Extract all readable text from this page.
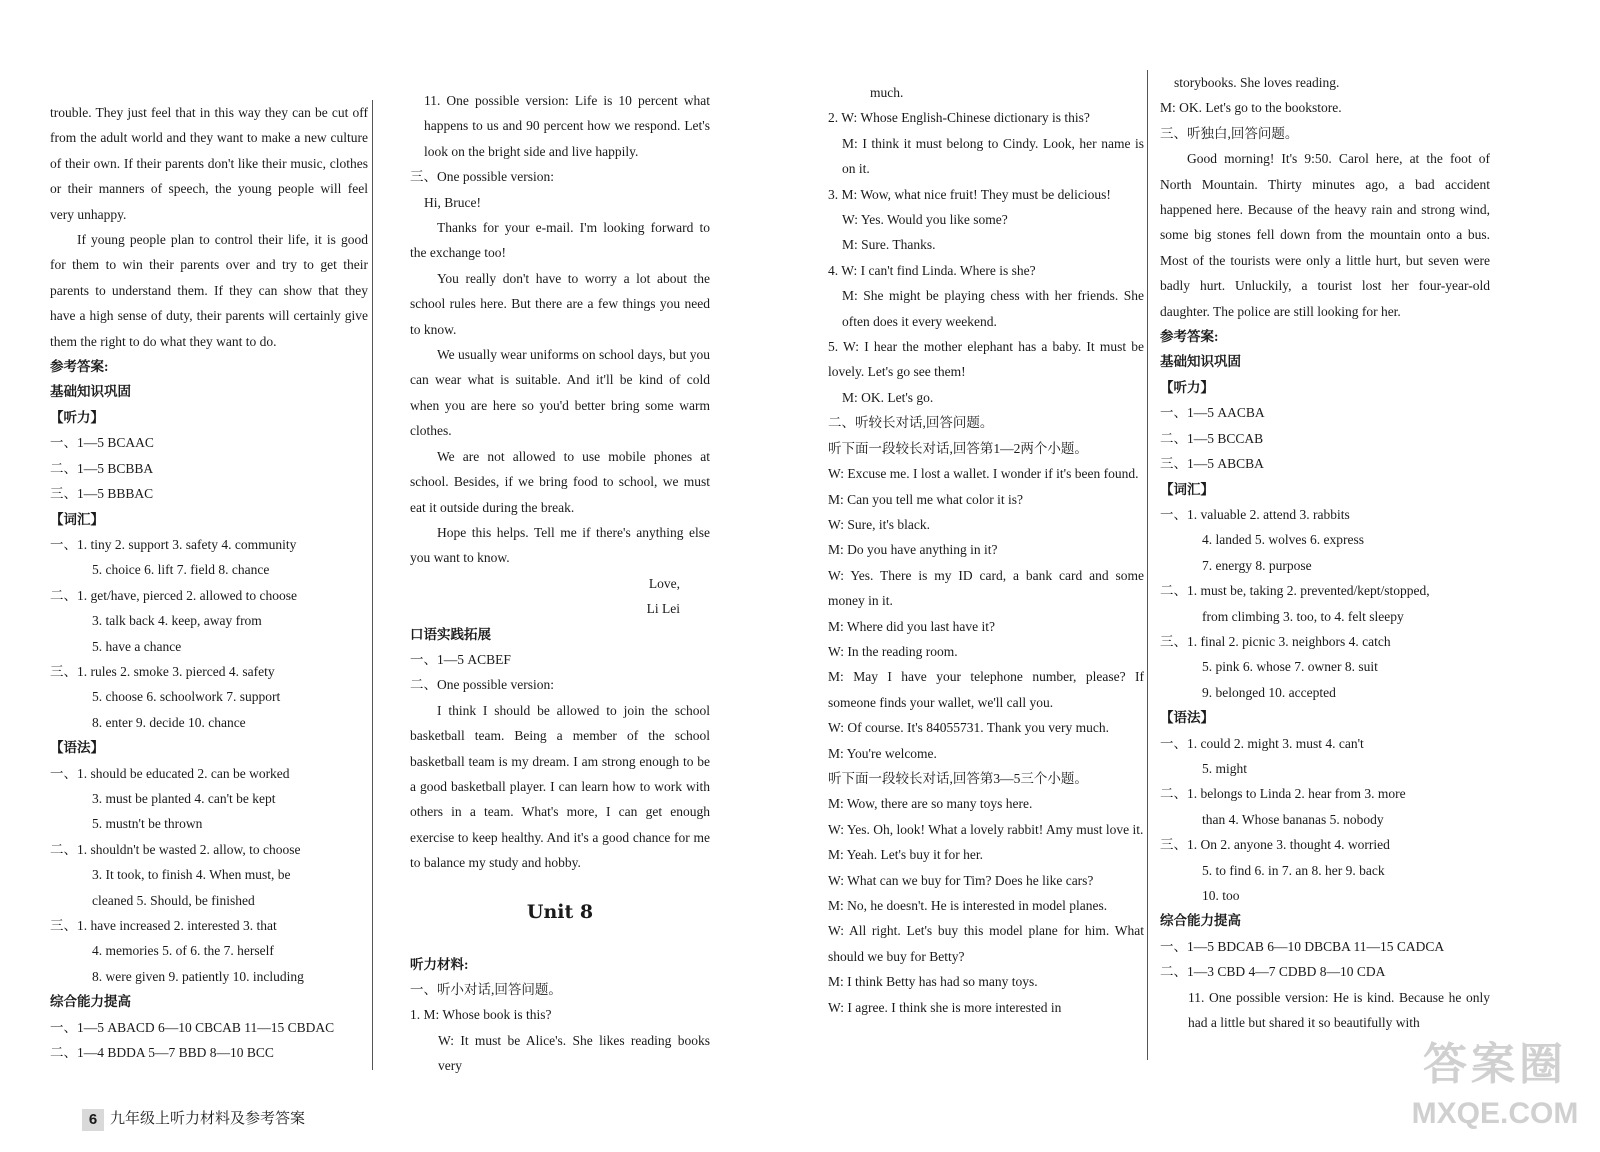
trouble. They just feel that in this way they can be cut off from the adult world and they want to make a new culture of their own. If their parents don't like their music, clothes or their manners of speech, the young people will feel very unhappy.

If young people plan to control their life, it is good for them to win their parents over and try to get their parents to understand them. If they can show that they have a high sense of duty, their parents will certainly give them the right to do what they want to do.

参考答案:

基础知识巩固

【听力】

一、1—5 BCAAC

二、1—5 BCBBA

三、1—5 BBBAC

【词汇】

一、1. tiny 2. support 3. safety 4. community

5. choice 6. lift 7. field 8. chance

二、1. get/have, pierced 2. allowed to choose

3. talk back 4. keep, away from

5. have a chance

三、1. rules 2. smoke 3. pierced 4. safety

5. choose 6. schoolwork 7. support

8. enter 9. decide 10. chance

【语法】

一、1. should be educated 2. can be worked

3. must be planted 4. can't be kept

5. mustn't be thrown

二、1. shouldn't be wasted 2. allow, to choose

3. It took, to finish 4. When must, be

cleaned 5. Should, be finished

三、1. have increased 2. interested 3. that

4. memories 5. of 6. the 7. herself

8. were given 9. patiently 10. including

综合能力提高

一、1—5 ABACD 6—10 CBCAB 11—15 CBDAC

二、1—4 BDDA 5—7 BBD 8—10 BCC

11. One possible version: Life is 10 percent what happens to us and 90 percent how we respond. Let's look on the bright side and live happily.

三、One possible version:

Hi, Bruce!

Thanks for your e-mail. I'm looking forward to the exchange too!

You really don't have to worry a lot about the school rules here. But there are a few things you need to know.

We usually wear uniforms on school days, but you can wear what is suitable. And it'll be kind of cold when you are here so you'd better bring some warm clothes.

We are not allowed to use mobile phones at school. Besides, if we bring food to school, we must eat it outside during the break.

Hope this helps. Tell me if there's anything else you want to know.

Love,

Li Lei

口语实践拓展

一、1—5 ACBEF

二、One possible version:

I think I should be allowed to join the school basketball team. Being a member of the school basketball team is my dream. I am strong enough to be a good basketball player. I can learn how to work with others in a team. What's more, I can get enough exercise to keep healthy. And it's a good chance for me to balance my study and hobby.

Unit 8

听力材料:

一、听小对话,回答问题。

1. M: Whose book is this?

W: It must be Alice's. She likes reading books very

much.

2. W: Whose English-Chinese dictionary is this?

M: I think it must belong to Cindy. Look, her name is on it.

3. M: Wow, what nice fruit! They must be delicious!

W: Yes. Would you like some?

M: Sure. Thanks.

4. W: I can't find Linda. Where is she?

M: She might be playing chess with her friends. She often does it every weekend.

5. W: I hear the mother elephant has a baby. It must be lovely. Let's go see them!

M: OK. Let's go.

二、听较长对话,回答问题。

听下面一段较长对话,回答第1—2两个小题。

W: Excuse me. I lost a wallet. I wonder if it's been found.

M: Can you tell me what color it is?

W: Sure, it's black.

M: Do you have anything in it?

W: Yes. There is my ID card, a bank card and some money in it.

M: Where did you last have it?

W: In the reading room.

M: May I have your telephone number, please? If someone finds your wallet, we'll call you.

W: Of course. It's 84055731. Thank you very much.

M: You're welcome.

听下面一段较长对话,回答第3—5三个小题。

M: Wow, there are so many toys here.

W: Yes. Oh, look! What a lovely rabbit! Amy must love it.

M: Yeah. Let's buy it for her.

W: What can we buy for Tim? Does he like cars?

M: No, he doesn't. He is interested in model planes.

W: All right. Let's buy this model plane for him. What should we buy for Betty?

M: I think Betty has had so many toys.

W: I agree. I think she is more interested in

storybooks. She loves reading.

M: OK. Let's go to the bookstore.

三、听独白,回答问题。

Good morning! It's 9:50. Carol here, at the foot of North Mountain. Thirty minutes ago, a bad accident happened here. Because of the heavy rain and strong wind, some big stones fell down from the mountain onto a bus. Most of the tourists were only a little hurt, but seven were badly hurt. Unluckily, a tourist lost her four-year-old daughter. The police are still looking for her.

参考答案:

基础知识巩固

【听力】

一、1—5 AACBA

二、1—5 BCCAB

三、1—5 ABCBA

【词汇】

一、1. valuable 2. attend 3. rabbits

4. landed 5. wolves 6. express

7. energy 8. purpose

二、1. must be, taking 2. prevented/kept/stopped,

from climbing 3. too, to 4. felt sleepy

三、1. final 2. picnic 3. neighbors 4. catch

5. pink 6. whose 7. owner 8. suit

9. belonged 10. accepted

【语法】

一、1. could 2. might 3. must 4. can't

5. might

二、1. belongs to Linda 2. hear from 3. more

than 4. Whose bananas 5. nobody

三、1. On 2. anyone 3. thought 4. worried

5. to find 6. in 7. an 8. her 9. back

10. too

综合能力提高

一、1—5 BDCAB 6—10 DBCBA 11—15 CADCA

二、1—3 CBD 4—7 CDBD 8—10 CDA

11. One possible version: He is kind. Because he only had a little but shared it so beautifully with

6 九年级上听力材料及参考答案
答案圈
MXQE.COM
